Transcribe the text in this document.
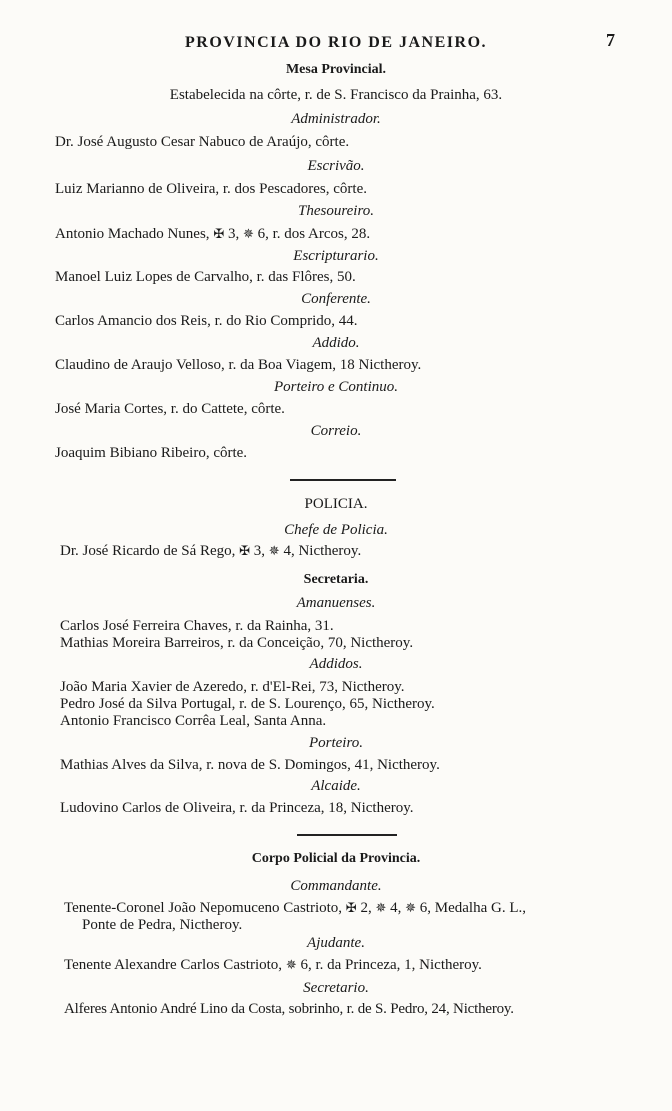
PROVINCIA DO RIO DE JANEIRO.	7
Mesa Provincial.
Estabelecida na côrte, r. de S. Francisco da Prainha, 63.
Administrador.
Dr. José Augusto Cesar Nabuco de Araújo, côrte.
Escrivão.
Luiz Marianno de Oliveira, r. dos Pescadores, côrte.
Thesoureiro.
Antonio Machado Nunes, ✠ 3, ✵ 6, r. dos Arcos, 28.
Escripturario.
Manoel Luiz Lopes de Carvalho, r. das Flôres, 50.
Conferente.
Carlos Amancio dos Reis, r. do Rio Comprido, 44.
Addido.
Claudino de Araujo Velloso, r. da Boa Viagem, 18 Nictheroy.
Porteiro e Continuo.
José Maria Cortes, r. do Cattete, côrte.
Correio.
Joaquim Bibiano Ribeiro, côrte.
POLICIA.
Chefe de Policia.
Dr. José Ricardo de Sá Rego, ✠ 3, ✵ 4, Nictheroy.
Secretaria.
Amanuenses.
Carlos José Ferreira Chaves, r. da Rainha, 31.
Mathias Moreira Barreiros, r. da Conceição, 70, Nictheroy.
Addidos.
João Maria Xavier de Azeredo, r. d'El-Rei, 73, Nictheroy.
Pedro José da Silva Portugal, r. de S. Lourenço, 65, Nictheroy.
Antonio Francisco Corrêa Leal, Santa Anna.
Porteiro.
Mathias Alves da Silva, r. nova de S. Domingos, 41, Nictheroy.
Alcaide.
Ludovino Carlos de Oliveira, r. da Princeza, 18, Nictheroy.
Corpo Policial da Provincia.
Commandante.
Tenente-Coronel João Nepomuceno Castrioto, ✠ 2, ✵ 4, ✵ 6, Medalha G. L.,
Ponte de Pedra, Nictheroy.
Ajudante.
Tenente Alexandre Carlos Castrioto, ✵ 6, r. da Princeza, 1, Nictheroy.
Secretario.
Alferes Antonio André Lino da Costa, sobrinho, r. de S. Pedro, 24, Nictheroy.
